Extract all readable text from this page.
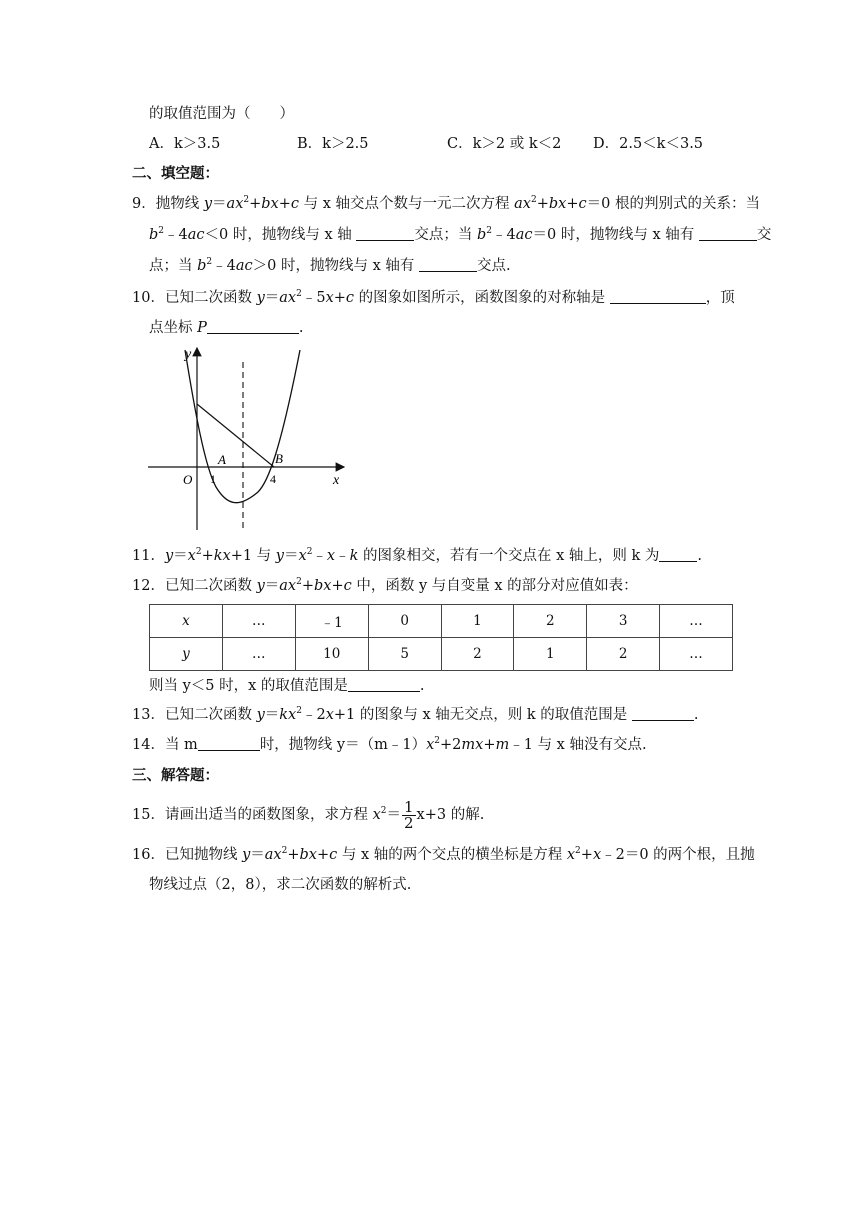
的取值范围为（　　）
A．k＞3.5	B．k＞2.5	C．k＞2 或 k＜2 D．2.5＜k＜3.5
二、填空题：
9．抛物线 $y=ax^2+bx+c$ 与 x 轴交点个数与一元二次方程 $ax^2+bx+c=0$ 根的判别式的关系：当
$b^2﹣4ac<0$ 时，抛物线与 x 轴	交点；当 $b^2﹣4ac=0$ 时，抛物线与 x 轴有	交
点；当 $b^2﹣4ac>0$ 时，抛物线与 x 轴有	交点.
10．已知二次函数 $y=ax^2﹣5x+c$ 的图象如图所示，函数图象的对称轴是	，顶
点坐标 P	.
y
x
O
A	B
1	4
11．$y=x^2+kx+1$ 与 $y=x^2﹣x﹣k$ 的图象相交，若有一个交点在 x 轴上，则 k 为	.
12．已知二次函数 $y=ax^2+bx+c$ 中，函数 y 与自变量 x 的部分对应值如表：
x	…	﹣1	0	1	2	3	…
y	…	10	5	2	1	2	…
则当 y＜5 时，x 的取值范围是	.
13．已知二次函数 $y=kx^2﹣2x+1$ 的图象与 x 轴无交点，则 k 的取值范围是	.
14．当 m	时，抛物线 $y=(m﹣1)x^2+2mx+m﹣1$ 与 x 轴没有交点.
三、解答题：
15．请画出适当的函数图象，求方程 $x^2= \frac{1}{2} x+3$ 的解.
16．已知抛物线 $y=ax^2+bx+c$ 与 x 轴的两个交点的横坐标是方程 $x^2+x﹣2=0$ 的两个根，且抛
物线过点（2，8），求二次函数的解析式.
